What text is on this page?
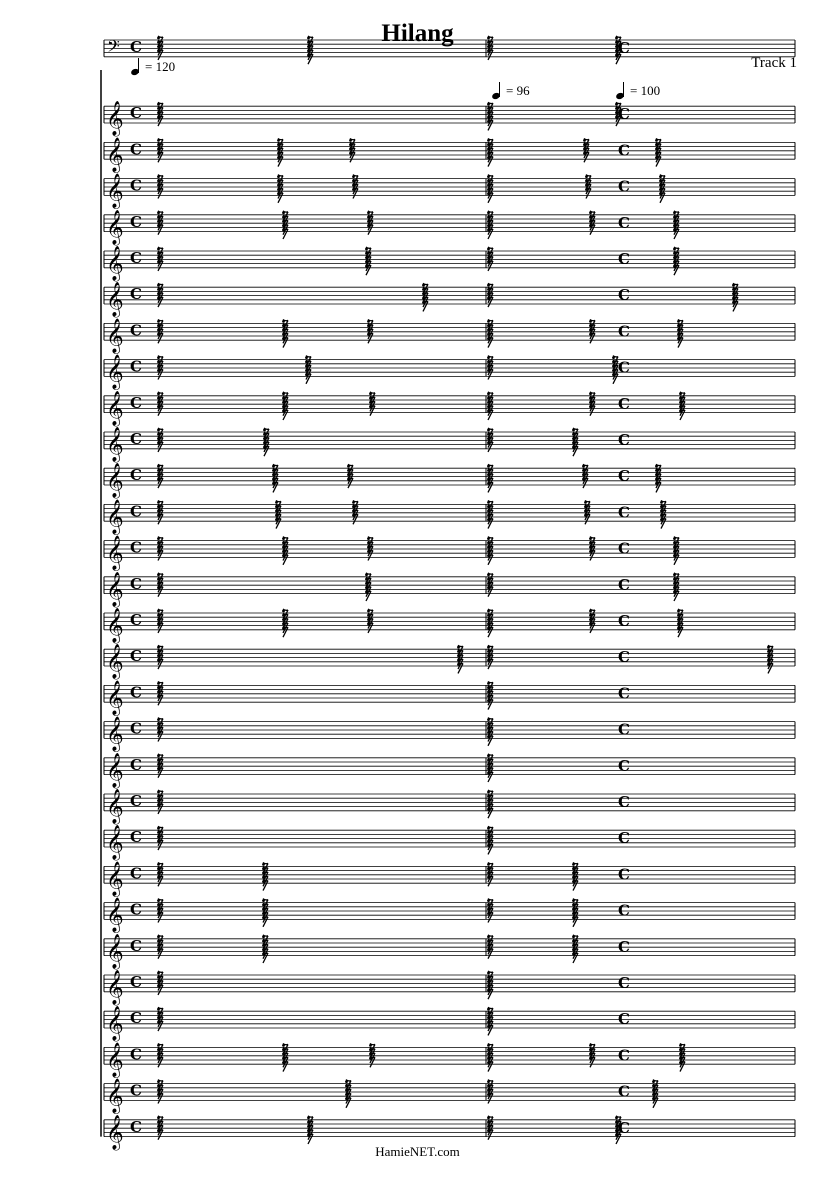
Hilang
Track 1
= 120
= 96	= 100
𝄢 C	C
𝄞 C	C
𝄞 C	C
𝄞 C	C
𝄞 C	C
𝄞 C	C
𝄞 C	C
𝄞 C	C
𝄞 C	C
𝄞 C	C
𝄞 C	C
𝄞 C	C
𝄞 C	C
𝄞 C	C
𝄞 C	C
𝄞 C	C
𝄞 C	C
𝄞 C	C
𝄞 C	C
𝄞 C	C
𝄞 C	C
𝄞 C	C
𝄞 C	C
𝄞 C	C
𝄞 C	C
𝄞 C	C
𝄞 C	C
𝄞 C	C
𝄞 C	C
𝄞 C	C
HamieNET.com
